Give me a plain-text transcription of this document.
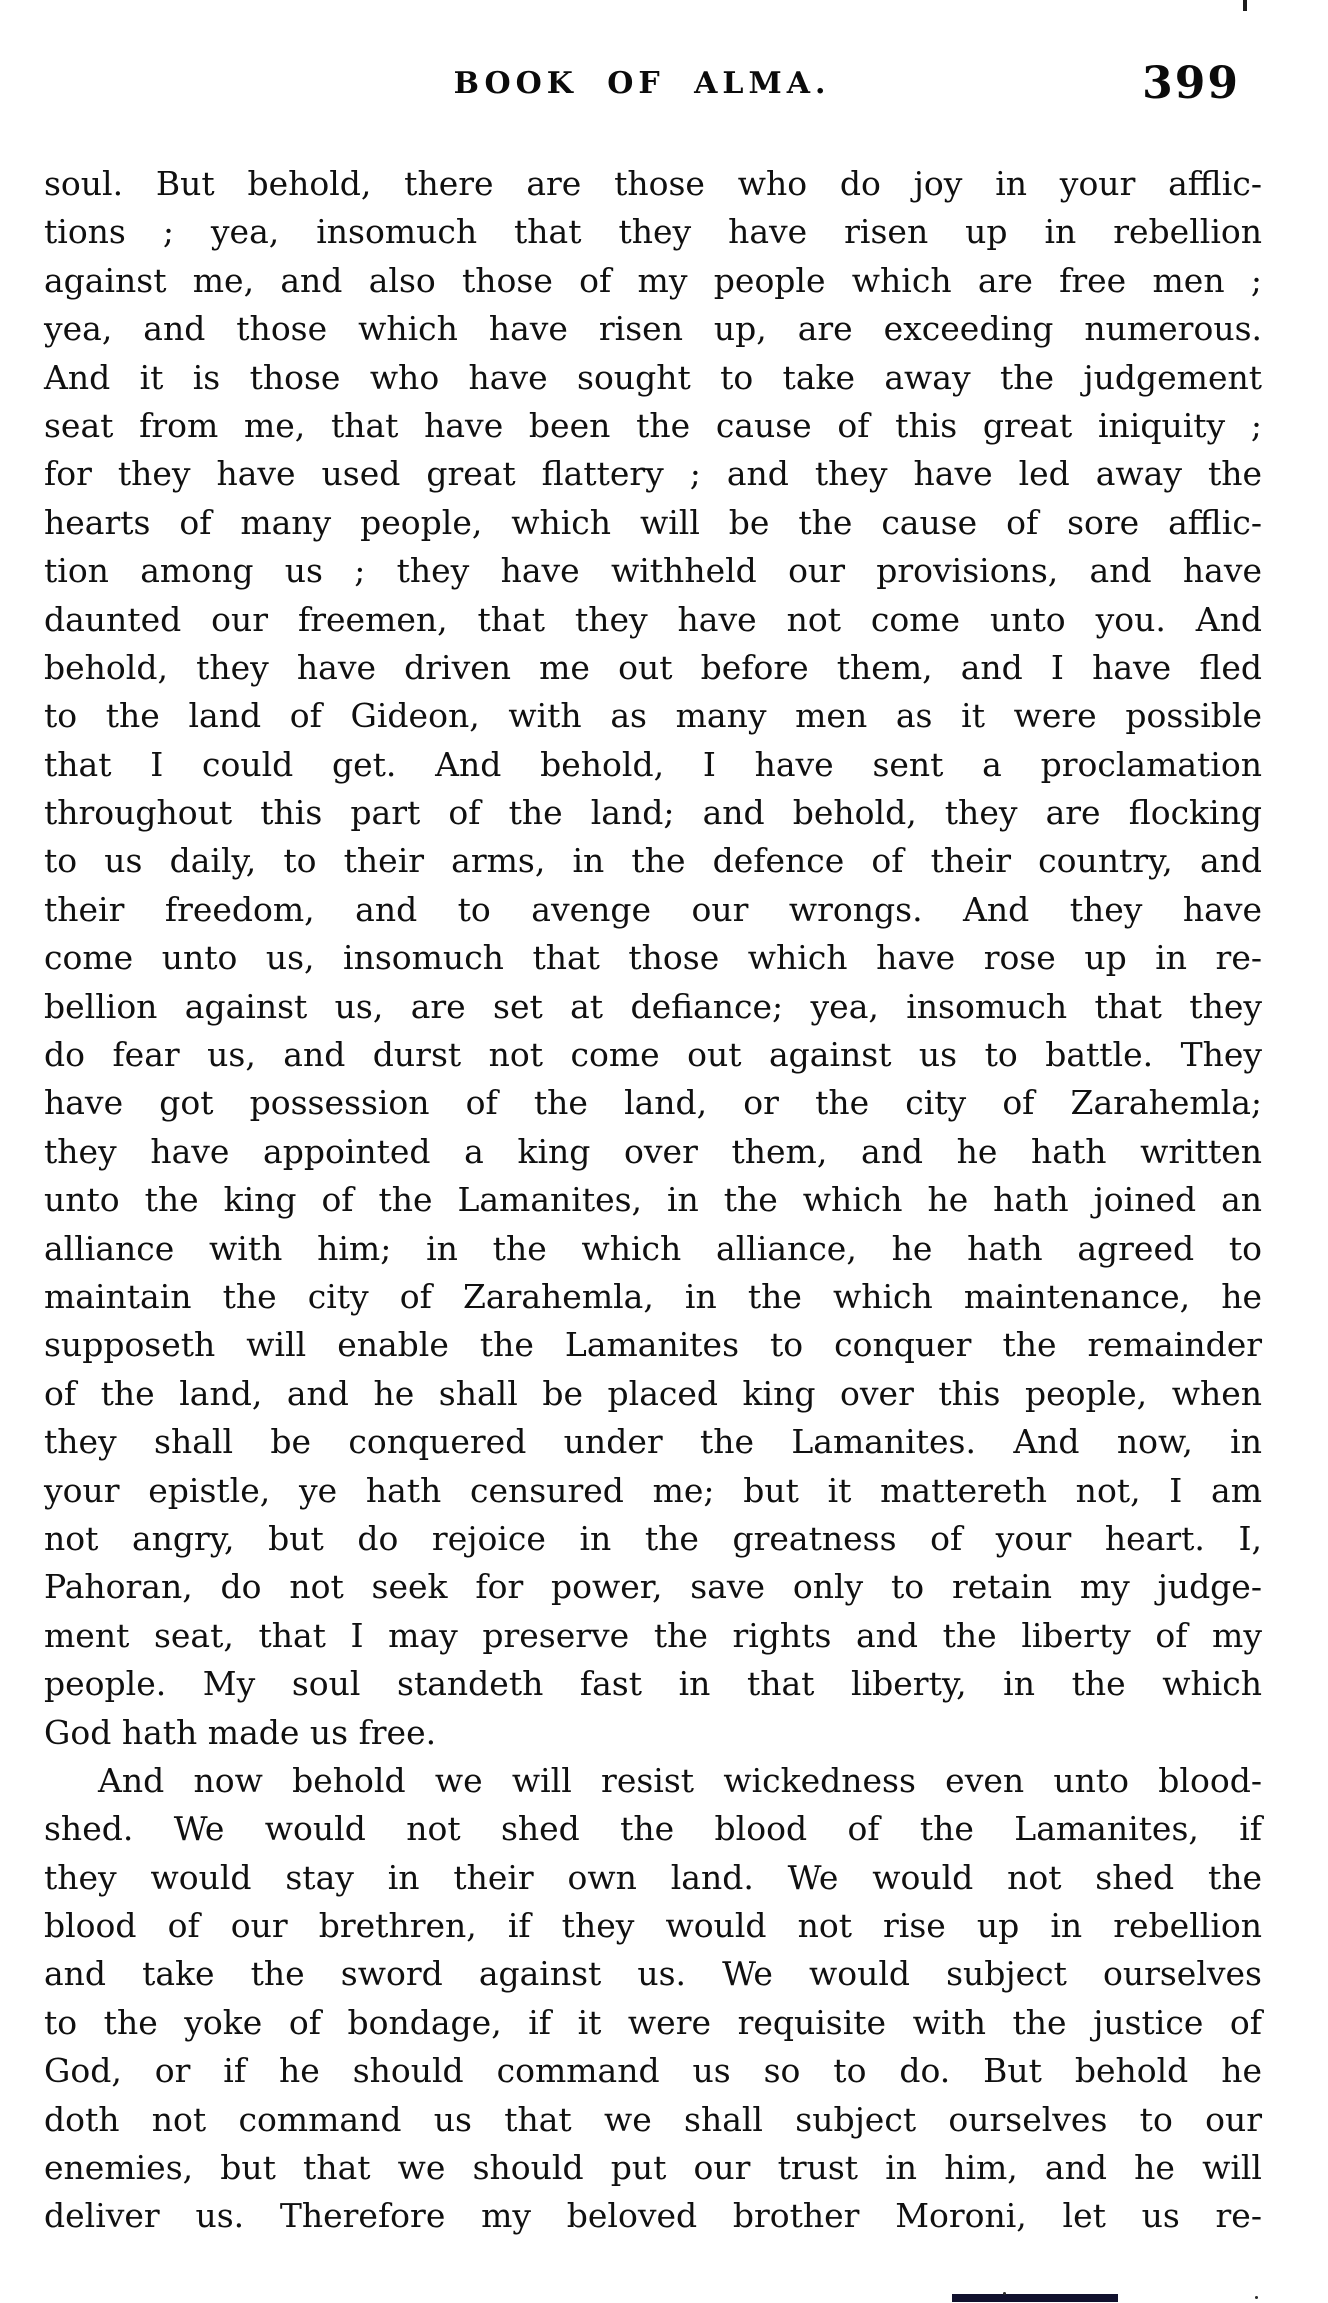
BOOK OF ALMA.	399
soul. But behold, there are those who do joy in your afflic-
tions ; yea, insomuch that they have risen up in rebellion
against me, and also those of my people which are free men ;
yea, and those which have risen up, are exceeding numerous.
And it is those who have sought to take away the judgement
seat from me, that have been the cause of this great iniquity ;
for they have used great flattery ; and they have led away the
hearts of many people, which will be the cause of sore afflic-
tion among us ; they have withheld our provisions, and have
daunted our freemen, that they have not come unto you. And
behold, they have driven me out before them, and I have fled
to the land of Gideon, with as many men as it were possible
that I could get. And behold, I have sent a proclamation
throughout this part of the land; and behold, they are flocking
to us daily, to their arms, in the defence of their country, and
their freedom, and to avenge our wrongs. And they have
come unto us, insomuch that those which have rose up in re-
bellion against us, are set at defiance; yea, insomuch that they
do fear us, and durst not come out against us to battle. They
have got possession of the land, or the city of Zarahemla;
they have appointed a king over them, and he hath written
unto the king of the Lamanites, in the which he hath joined an
alliance with him; in the which alliance, he hath agreed to
maintain the city of Zarahemla, in the which maintenance, he
supposeth will enable the Lamanites to conquer the remainder
of the land, and he shall be placed king over this people, when
they shall be conquered under the Lamanites. And now, in
your epistle, ye hath censured me; but it mattereth not, I am
not angry, but do rejoice in the greatness of your heart. I,
Pahoran, do not seek for power, save only to retain my judge-
ment seat, that I may preserve the rights and the liberty of my
people. My soul standeth fast in that liberty, in the which
God hath made us free.
And now behold we will resist wickedness even unto blood-
shed. We would not shed the blood of the Lamanites, if
they would stay in their own land. We would not shed the
blood of our brethren, if they would not rise up in rebellion
and take the sword against us. We would subject ourselves
to the yoke of bondage, if it were requisite with the justice of
God, or if he should command us so to do. But behold he
doth not command us that we shall subject ourselves to our
enemies, but that we should put our trust in him, and he will
deliver us. Therefore my beloved brother Moroni, let us re-
